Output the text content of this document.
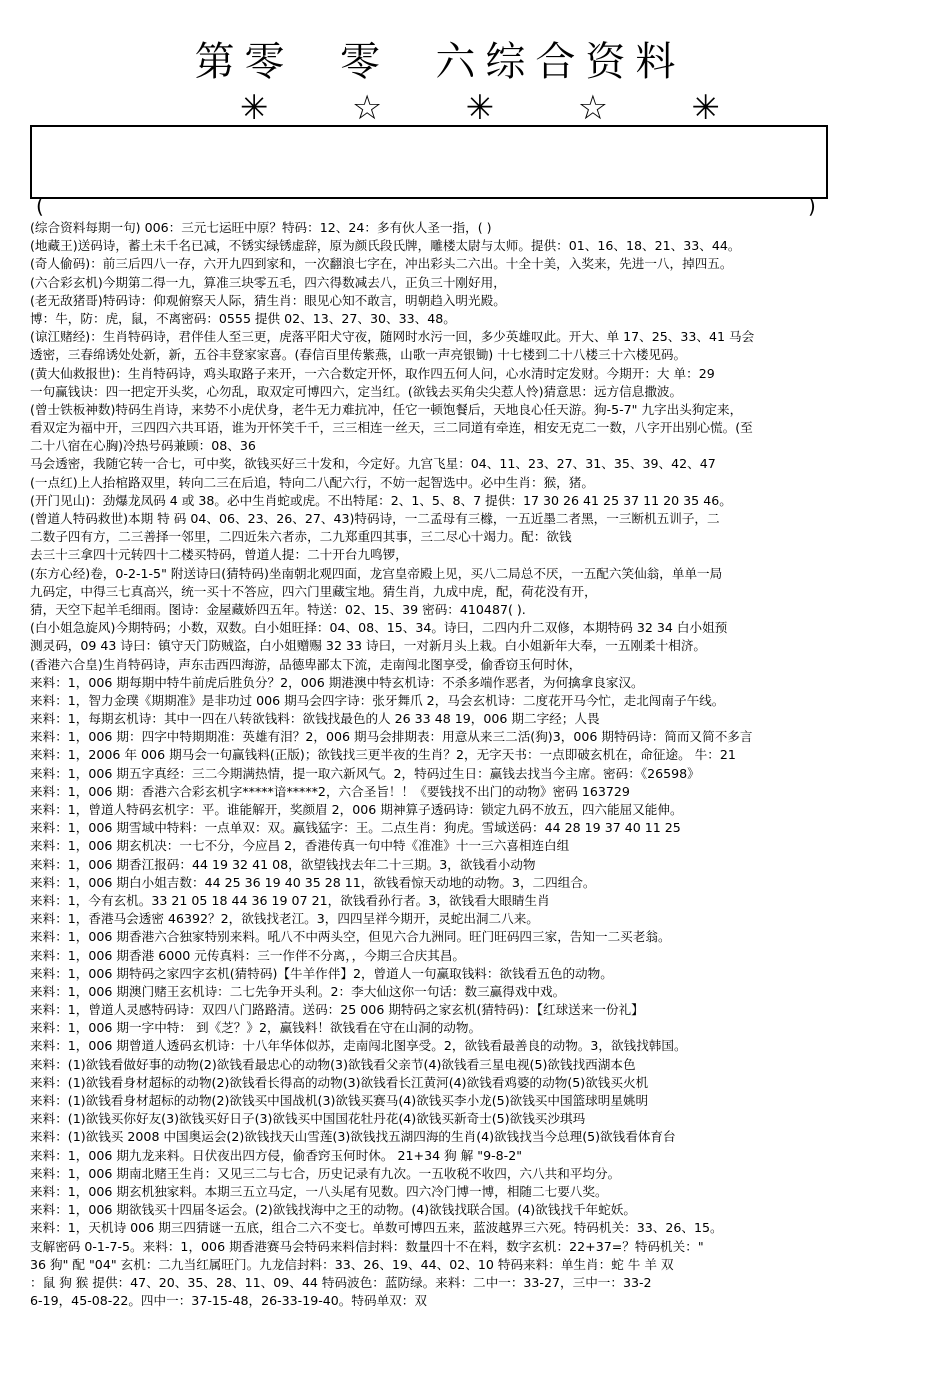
第零  零  六综合资料
✳ ☆ ✳ ☆ ✳
(	)
(综合资料每期一句) 006：三元七运旺中原？特码：12、24：多有伙人圣一指，( )
(地藏王)送码诗，蓄土未千名已减，不锈实绿锈虚辞，原为颜氏段氏牌，雕楼太尉与太师。提供：01、16、18、21、33、44。
(奇人偷码)：前三后四八一存，六开九四到家和，一次翻浪七字在，冲出彩头二六出。十全十美，入奖来，先进一八，掉四五。
(六合彩玄机)今期第二得一九，算准三块零五毛，四六得数减去八，正负三十刚好用，
(老无敌猪哥)特码诗：仰观俯察天人际，猜生肖：眼见心知不敢言，明朝趋入明光殿。
博：牛，防：虎，鼠，不离密码：0555 提供 02、13、27、30、33、48。
(谅江赌经)：生肖特码诗，君伴佳人至三更，虎落平阳犬守夜，随网时水污一回，多少英雄叹此。开大、单 17、25、33、41 马会
透密，三春绵诱处处新，新，五谷丰登家家喜。(春信百里传紫燕，山歌一声亮银锄) 十七楼到二十八楼三十六楼见码。
(黄大仙救报世)：生肖特码诗，鸡头取路子来开，一六合数定开怀，取作四五何人问，心水清时定发财。今期开：大 单：29
一句赢钱诀：四一把定开头奖，心勿乱，取双定可博四六，定当红。(欲钱去买角尖尖惹人怜)猜意思：远方信息撒波。
(曾士铁板神数)特码生肖诗，来势不小虎伏身，老牛无力难抗冲，任它一顿饱餐后，天地良心任天游。狗-5-7" 九字出头狗定来，
看双定为福中开，三四四六共耳语，谁为开怀笑千千，三三相连一丝天，三二同道有牵连，相安无克二一数，八字开出别心慌。(至
二十八宿在心胸)冷热号码兼顾：08、36
马会透密，我随它转一合七，可中奖，欲钱买好三十发和，今定好。九宫飞星：04、11、23、27、31、35、39、42、47
(一点红)上人抬棺路双里，转向二三在后追，特向二八配六行，不妨一起智选中。必中生肖：猴，猪。
(开门见山)：劲爆龙凤码 4 或 38。必中生肖蛇或虎。不出特尾：2、1、5、8、7 提供：17 30 26 41 25 37 11 20 35 46。
(曾道人特码救世)本期 特 码 04、06、23、26、27、43)特码诗，一二孟母有三橼，一五近墨二者黑，一三断机五训子，二
二数子四有方，二三善择一邻里，二四近朱六者赤，二九郑重四其事，三二尽心十竭力。配：欲钱
去三十三拿四十元转四十二楼买特码，曾道人提：二十开台九鸣锣，
(东方心经)卷，0-2-1-5" 附送诗曰(猜特码)坐南朝北观四面，龙宫皇帝殿上见，买八二局总不厌，一五配六笑仙翁，单单一局
九码定，中得三七真高兴，统一买十不答应，四六门里藏宝地。猜生肖，九成中虎，配，荷花没有开，
猜，天空下起羊毛细雨。图诗：金屋藏娇四五年。特送：02、15、39 密码：410487( ).
(白小姐急旋风)今期特码；小数，双数。白小姐旺择：04、08、15、34。诗曰，二四内升二双修，本期特码 32 34 白小姐预
测灵码，09 43 诗曰：镇守天门防贼盗，白小姐赠赐 32 33 诗曰，一对新月头上栽。白小姐新年大奉，一五刚柔十相济。
(香港六合皇)生肖特码诗，声东击西四海游，品德卑鄙太下流，走南闯北图享受，偷香窃玉何时休，
来料：1，006 期每期中特牛前虎后胜负分？2，006 期港澳中特玄机诗：不杀多端作恶者，为何擒拿良家汉。
来料：1，智力金璞《期期准》是非功过 006 期马会四字诗：张牙舞爪 2，马会玄机诗：二度花开马今忙，走北闯南子午线。
来料：1，每期玄机诗：其中一四在八转欲钱料：欲钱找最色的人 26 33 48 19，006 期二字经；人畏
来料：1，006 期：四字中特期期准：英雄有泪？2，006 期马会排期表：用意从来三二活(狗)3，006 期特码诗：简而又简不多言
来料：1，2006 年 006 期马会一句赢钱料(正版)；欲钱找三更半夜的生肖？2，无字天书：一点即破玄机在，命征途。 牛：21
来料：1，006 期五字真经：三二今期满热情，提一取六新风气。2，特码过生日：赢钱去找当今主席。密码：《26598》
来料：1，006 期：香港六合彩玄机字*****谙*****2，六合圣旨！！《要钱找不出门的动物》密码 163729
来料：1，曾道人特码玄机字：平。谁能解开，奖颜眉 2，006 期神算子透码诗：锁定九码不放五，四六能屈又能伸。
来料：1，006 期雪域中特料：一点单双：双。赢钱猛字：王。二点生肖：狗虎。雪域送码：44 28 19 37 40 11 25
来料：1，006 期玄机决：一七不分，今应昌 2，香港传真一句中特《准准》十一三六喜相连白组
来料：1，006 期香江报码：44 19 32 41 08，欲望钱找去年二十三期。3，欲钱看小动物
来料：1，006 期白小姐吉数：44 25 36 19 40 35 28 11，欲钱看惊天动地的动物。3，二四组合。
来料：1，今有玄机。33 21 05 18 44 36 19 07 21，欲钱看孙行者。3，欲钱看大眼睛生肖
来料：1，香港马会透密 46392？2，欲钱找老江。3，四四呈祥今期开，灵蛇出洞二八来。
来料：1，006 期香港六合独家特别来料。吼八不中两头空，但见六合九洲同。旺门旺码四三家，告知一二买老翁。
来料：1，006 期香港 6000 元传真料：三一作伴不分离，，今期三合庆其昌。
来料：1，006 期特码之家四字玄机(猜特码)【牛羊作伴】2，曾道人一句赢取钱料：欲钱看五色的动物。
来料：1，006 期澳门赌王玄机诗：二七先争开头利。2：李大仙这你一句话：数三赢得戏中戏。
来料：1，曾道人灵感特码诗：双四八门路路清。送码：25 006 期特码之家玄机(猜特码)：【红球送来一份礼】
来料：1，006 期一字中特： 到《芝？》2，赢钱料！欲钱看在守在山洞的动物。
来料：1，006 期曾道人透码玄机诗：十八年华体似苏，走南闯北图享受。2，欲钱看最善良的动物。3，欲钱找韩国。
来料：(1)欲钱看做好事的动物(2)欲钱看最忠心的动物(3)欲钱看父亲节(4)欲钱看三星电视(5)欲钱找西湖本色
来料：(1)欲钱看身材超标的动物(2)欲钱看长得高的动物(3)欲钱看长江黄河(4)欲钱看鸡婆的动物(5)欲钱买火机
来料：(1)欲钱看身材超标的动物(2)欲钱买中国战机(3)欲钱买赛马(4)欲钱买李小龙(5)欲钱买中国篮球明星姚明
来料：(1)欲钱买你好友(3)欲钱买好日子(3)欲钱买中国国花牡丹花(4)欲钱买新奇士(5)欲钱买沙琪玛
来料：(1)欲钱买 2008 中国奥运会(2)欲钱找天山雪莲(3)欲钱找五湖四海的生肖(4)欲钱找当今总理(5)欲钱看体育台
来料：1，006 期九龙来料。日伏夜出四方侵，偷香窍玉何时休。 21+34 狗 解 "9-8-2"
来料：1，006 期南北赌王生肖：又见三二与七合，历史记录有九次。一五收税不收四，六八共和平均分。
来料：1，006 期玄机独家料。本期三五立马定，一八头尾有见数。四六冷门博一博，相随二七要八奖。
来料：1，006 期欲钱买十四届冬运会。(2)欲钱找海中之王的动物。(4)欲钱找联合国。(4)欲钱找千年蛇妖。
来料：1，天机诗 006 期三四猜谜一五底，组合二六不变七。单数可博四五来，蓝波越界三六死。特码机关：33、26、15。
支解密码 0-1-7-5。来料：1，006 期香港赛马会特码来料信封料：数量四十不在料，数字玄机：22+37=？特码机关："
36 狗" 配 "04" 玄机：二九当红属旺门。九龙信封料：33、26、19、44、02、10 特码来料：单生肖：蛇 牛 羊 双
：鼠 狗 猴 提供：47、20、35、28、11、09、44 特码波色：蓝防绿。来料：二中一：33-27，三中一：33-2
6-19，45-08-22。四中一：37-15-48，26-33-19-40。特码单双：双
